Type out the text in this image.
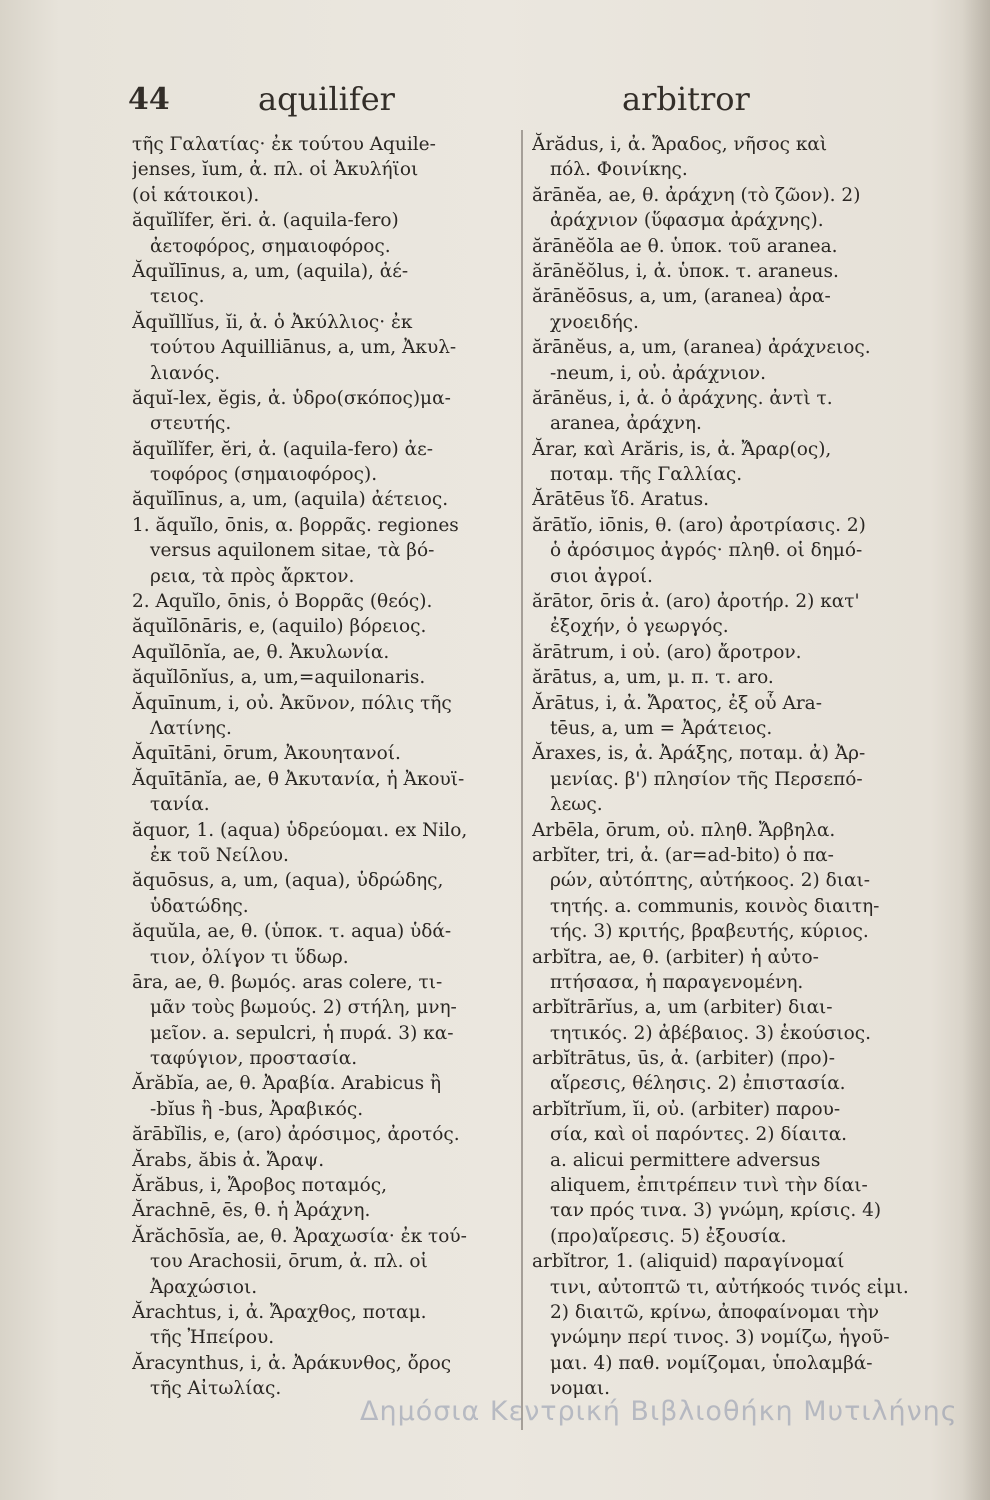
44	aquilifer	arbitror
τῆς Γαλατίας· ἐκ τούτου Aquile-
jenses, ĭum, ἀ. πλ. οἱ Ἀκυλήϊοι
(οἱ κάτοικοι).
ăquĭlĭfer, ĕri. ἀ. (aquila-fero)
ἀετοφόρος, σημαιοφόρος.
Ăquĭlīnus, a, um, (aquila), ἀέ-
τειος.
Ăquĭllĭus, ĭi, ἀ. ὁ Ἀκύλλιος· ἐκ
τούτου Aquilliānus, a, um, Ἀκυλ-
λιανός.
ăquĭ-lex, ĕgis, ἀ. ὑδρο(σκόπος)μα-
στευτής.
ăquĭlĭfer, ĕri, ἀ. (aquila-fero) ἀε-
τοφόρος (σημαιοφόρος).
ăquĭlīnus, a, um, (aquila) ἀέτειος.
1. ăquĭlo, ōnis, α. βορρᾶς. regiones
versus aquilonem sitae, τὰ βό-
ρεια, τὰ πρὸς ἄρκτον.
2. Aquĭlo, ōnis, ὁ Βορρᾶς (θεός).
ăquĭlōnāris, e, (aquilo) βόρειος.
Aquĭlōnĭa, ae, θ. Ἀκυλωνία.
ăquĭlōnĭus, a, um,=aquilonaris.
Ăquīnum, i, οὐ. Ἀκῦνον, πόλις τῆς
Λατίνης.
Ăquītāni, ōrum, Ἀκουητανοί.
Ăquītānĭa, ae, θ Ἀκυτανία, ἡ Ἀκουϊ-
τανία.
ăquor, 1. (aqua) ὑδρεύομαι. ex Nilo,
ἐκ τοῦ Νείλου.
ăquōsus, a, um, (aqua), ὑδρώδης,
ὑδατώδης.
ăquŭla, ae, θ. (ὑποκ. τ. aqua) ὑδά-
τιον, ὀλίγον τι ὕδωρ.
āra, ae, θ. βωμός. aras colere, τι-
μᾶν τοὺς βωμούς. 2) στήλη, μνη-
μεῖον. a. sepulcri, ἡ πυρά. 3) κα-
ταφύγιον, προστασία.
Ărăbĭa, ae, θ. Ἀραβία. Arabicus ἢ
-bĭus ἢ -bus, Ἀραβικός.
ărābĭlis, e, (aro) ἀρόσιμος, ἀροτός.
Ărabs, ăbis ἀ. Ἄραψ.
Ărăbus, i, Ἄροβος ποταμός,
Ărachnē, ēs, θ. ἡ Ἀράχνη.
Ărăchōsĭa, ae, θ. Ἀραχωσία· ἐκ τού-
του Arachosii, ōrum, ἀ. πλ. οἱ
Ἀραχώσιοι.
Ărachtus, i, ἀ. Ἄραχθος, ποταμ.
τῆς Ἠπείρου.
Ăracynthus, i, ἀ. Ἀράκυνθος, ὄρος
τῆς Αἰτωλίας.
Ărădus, i, ἀ. Ἄραδος, νῆσος καὶ
πόλ. Φοινίκης.
ărānĕa, ae, θ. ἀράχνη (τὸ ζῶον). 2)
ἀράχνιον (ὕφασμα ἀράχνης).
ărānĕŏla ae θ. ὑποκ. τοῦ aranea.
ărānĕŏlus, i, ἀ. ὑποκ. τ. araneus.
ărānĕōsus, a, um, (aranea) ἀρα-
χνοειδής.
ărānĕus, a, um, (aranea) ἀράχνειος.
-neum, i, οὐ. ἀράχνιον.
ărānĕus, i, ἀ. ὁ ἀράχνης. ἀντὶ τ.
aranea, ἀράχνη.
Ărar, καὶ Arăris, is, ἀ. Ἄραρ(ος),
ποταμ. τῆς Γαλλίας.
Ărātēus ἴδ. Aratus.
ărātĭo, iōnis, θ. (aro) ἀροτρίασις. 2)
ὁ ἀρόσιμος ἀγρός· πληθ. οἱ δημό-
σιοι ἀγροί.
ărātor, ōris ἀ. (aro) ἀροτήρ. 2) κατ'
ἐξοχήν, ὁ γεωργός.
ărātrum, i οὐ. (aro) ἄροτρον.
ărātus, a, um, μ. π. τ. aro.
Ărātus, i, ἀ. Ἄρατος, ἐξ οὗ Ara-
tēus, a, um = Ἀράτειος.
Ăraxes, is, ἀ. Ἀράξης, ποταμ. ἀ) Ἀρ-
μενίας. β') πλησίον τῆς Περσεπό-
λεως.
Arbēla, ōrum, οὐ. πληθ. Ἄρβηλα.
arbĭter, tri, ἀ. (ar=ad-bito) ὁ πα-
ρών, αὐτόπτης, αὐτήκοος. 2) διαι-
τητής. a. communis, κοινὸς διαιτη-
τής. 3) κριτής, βραβευτής, κύριος.
arbĭtra, ae, θ. (arbiter) ἡ αὐτο-
πτήσασα, ἡ παραγενομένη.
arbĭtrārĭus, a, um (arbiter) διαι-
τητικός. 2) ἀβέβαιος. 3) ἑκούσιος.
arbĭtrātus, ūs, ἀ. (arbiter) (προ)-
αἵρεσις, θέλησις. 2) ἐπιστασία.
arbĭtrĭum, ĭi, οὐ. (arbiter) παρου-
σία, καὶ οἱ παρόντες. 2) δίαιτα.
a. alicui permittere adversus
aliquem, ἐπιτρέπειν τινὶ τὴν δίαι-
ταν πρός τινα. 3) γνώμη, κρίσις. 4)
(προ)αἵρεσις. 5) ἐξουσία.
arbĭtror, 1. (aliquid) παραγίνομαί
τινι, αὐτοπτῶ τι, αὐτήκοός τινός εἰμι.
2) διαιτῶ, κρίνω, ἀποφαίνομαι τὴν
γνώμην περί τινος. 3) νομίζω, ἡγοῦ-
μαι. 4) παθ. νομίζομαι, ὑπολαμβά-
νομαι.
Δημόσια Κεντρική Βιβλιοθήκη Μυτιλήνης
